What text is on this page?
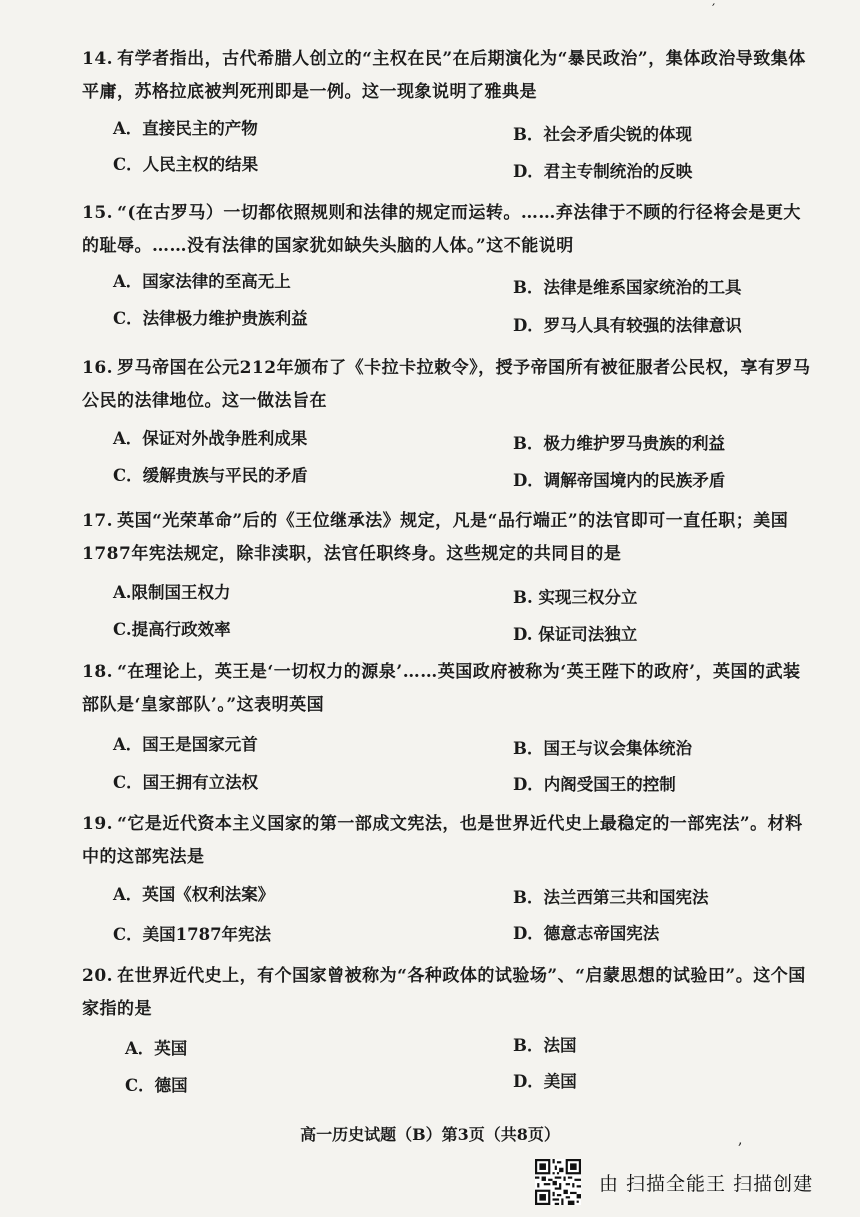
14. 有学者指出，古代希腊人创立的“主权在民”在后期演化为“暴民政治”，集体政治导致集体平庸，苏格拉底被判死刑即是一例。这一现象说明了雅典是
A．直接民主的产物	B．社会矛盾尖锐的体现
C．人民主权的结果	D．君主专制统治的反映
15. “(在古罗马）一切都依照规则和法律的规定而运转。……弃法律于不顾的行径将会是更大的耻辱。……没有法律的国家犹如缺失头脑的人体。”这不能说明
A．国家法律的至高无上	B．法律是维系国家统治的工具
C．法律极力维护贵族利益	D．罗马人具有较强的法律意识
16. 罗马帝国在公元212年颁布了《卡拉卡拉敕令》，授予帝国所有被征服者公民权，享有罗马公民的法律地位。这一做法旨在
A．保证对外战争胜利成果	B．极力维护罗马贵族的利益
C．缓解贵族与平民的矛盾	D．调解帝国境内的民族矛盾
17. 英国“光荣革命”后的《王位继承法》规定，凡是“品行端正”的法官即可一直任职；美国1787年宪法规定，除非渎职，法官任职终身。这些规定的共同目的是
A.限制国王权力	B. 实现三权分立
C.提高行政效率	D. 保证司法独立
18. “在理论上，英王是‘一切权力的源泉’……英国政府被称为‘英王陛下的政府’，英国的武装部队是‘皇家部队’。”这表明英国
A．国王是国家元首	B．国王与议会集体统治
C．国王拥有立法权	D．内阁受国王的控制
19. “它是近代资本主义国家的第一部成文宪法，也是世界近代史上最稳定的一部宪法”。材料中的这部宪法是
A．英国《权利法案》	B．法兰西第三共和国宪法
C．美国1787年宪法	D．德意志帝国宪法
20. 在世界近代史上，有个国家曾被称为“各种政体的试验场”、“启蒙思想的试验田”。这个国家指的是
A．英国	B．法国
C．德国	D．美国
高一历史试题（B）第3页（共8页）
由 扫描全能王 扫描创建
′
,
